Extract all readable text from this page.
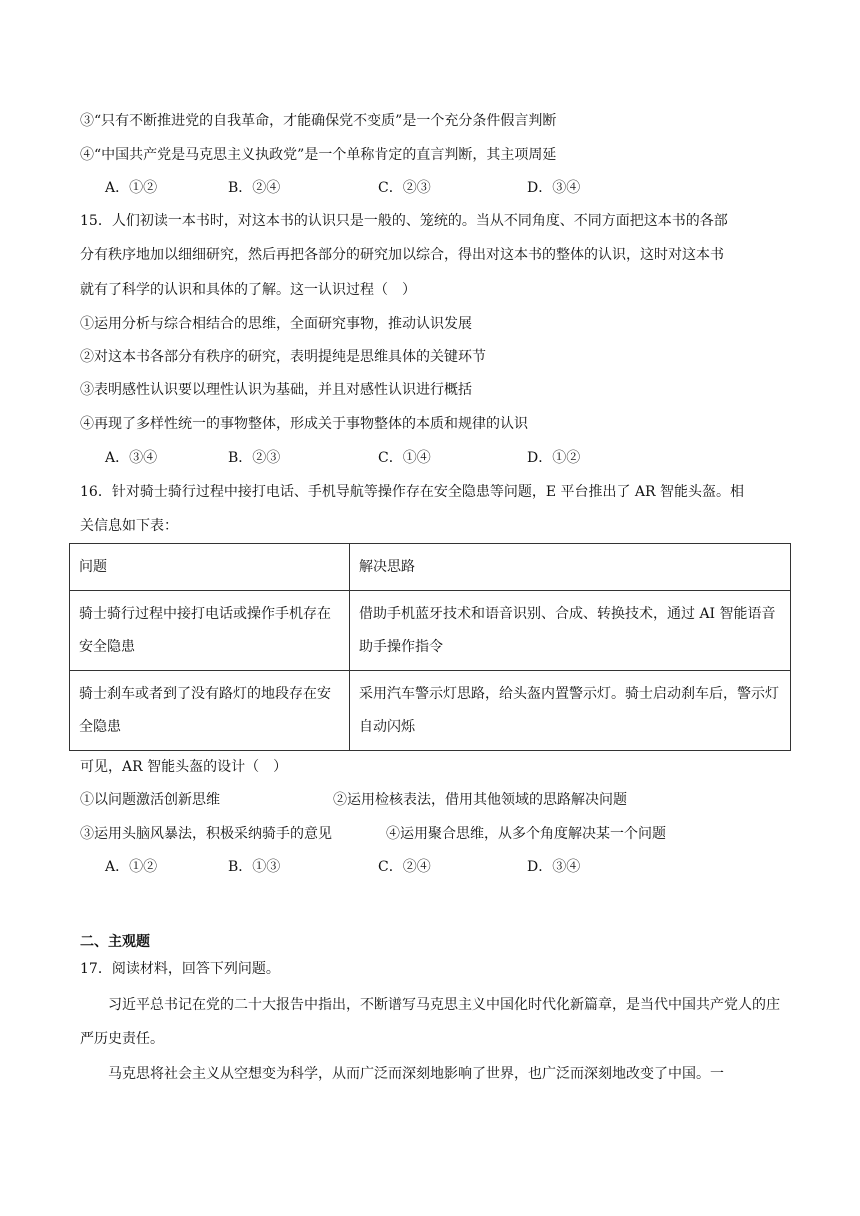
③“只有不断推进党的自我革命，才能确保党不变质”是一个充分条件假言判断
④“中国共产党是马克思主义执政党”是一个单称肯定的直言判断，其主项周延
A．①②	B．②④	C．②③	D．③④
15．人们初读一本书时，对这本书的认识只是一般的、笼统的。当从不同角度、不同方面把这本书的各部
分有秩序地加以细细研究，然后再把各部分的研究加以综合，得出对这本书的整体的认识，这时对这本书
就有了科学的认识和具体的了解。这一认识过程（　）
①运用分析与综合相结合的思维，全面研究事物，推动认识发展
②对这本书各部分有秩序的研究，表明提纯是思维具体的关键环节
③表明感性认识要以理性认识为基础，并且对感性认识进行概括
④再现了多样性统一的事物整体，形成关于事物整体的本质和规律的认识
A．③④	B．②③	C．①④	D．①②
16．针对骑士骑行过程中接打电话、手机导航等操作存在安全隐患等问题，E 平台推出了 AR 智能头盔。相
关信息如下表：
问题	解决思路
骑士骑行过程中接打电话或操作手机存在安全隐患	借助手机蓝牙技术和语音识别、合成、转换技术，通过 AI 智能语音助手操作指令
骑士刹车或者到了没有路灯的地段存在安全隐患	采用汽车警示灯思路，给头盔内置警示灯。骑士启动刹车后，警示灯自动闪烁
可见，AR 智能头盔的设计（　）
①以问题激活创新思维	②运用检核表法，借用其他领域的思路解决问题
③运用头脑风暴法，积极采纳骑手的意见	④运用聚合思维，从多个角度解决某一个问题
A．①②	B．①③	C．②④	D．③④
二、主观题
17．阅读材料，回答下列问题。
习近平总书记在党的二十大报告中指出，不断谱写马克思主义中国化时代化新篇章，是当代中国共产党人的庄严历史责任。
马克思将社会主义从空想变为科学，从而广泛而深刻地影响了世界，也广泛而深刻地改变了中国。一
